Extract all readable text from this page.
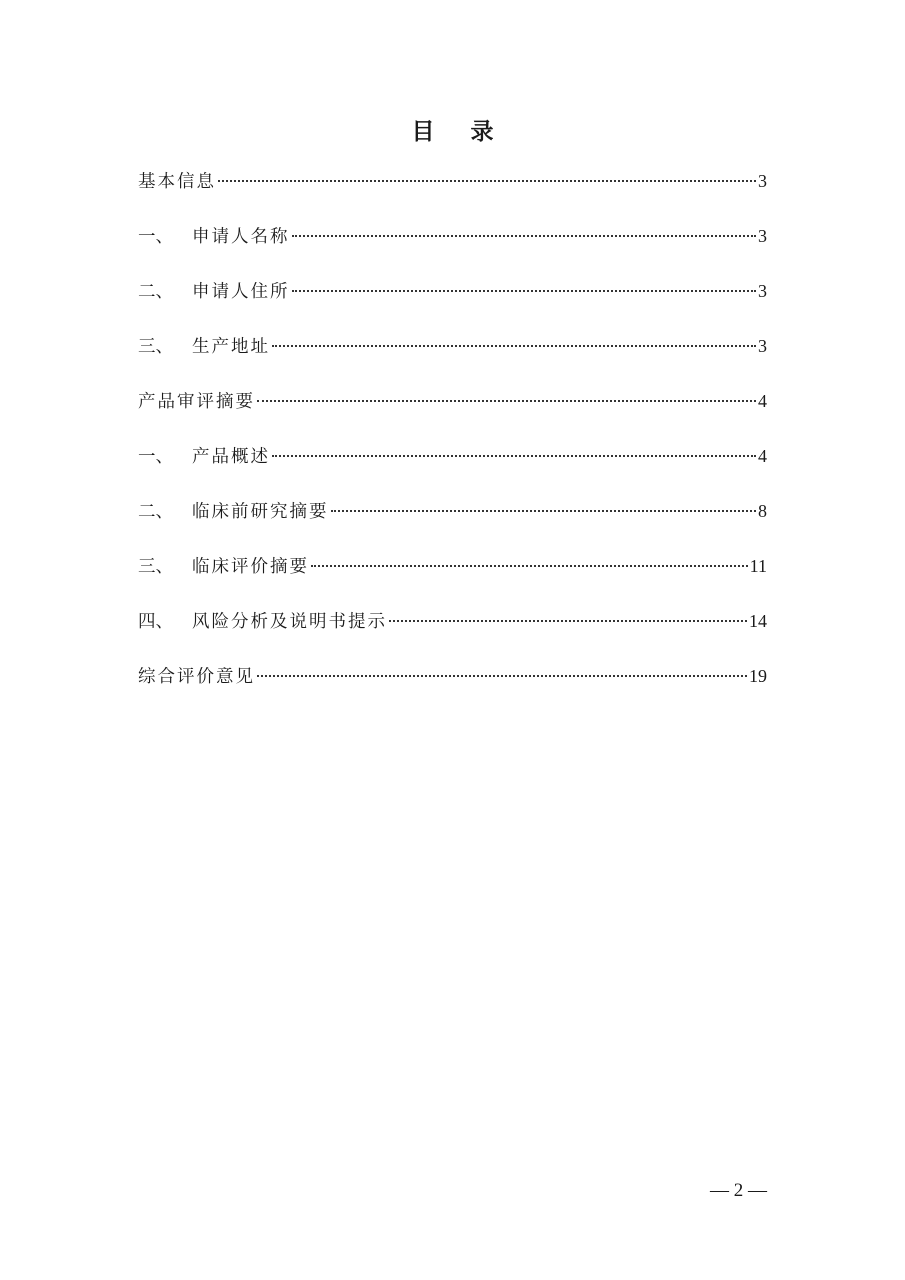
目 录
基本信息	3
一、	申请人名称	3
二、	申请人住所	3
三、	生产地址	3
产品审评摘要	4
一、	产品概述	4
二、	临床前研究摘要	8
三、	临床评价摘要	11
四、	风险分析及说明书提示	14
综合评价意见	19
— 2 —
